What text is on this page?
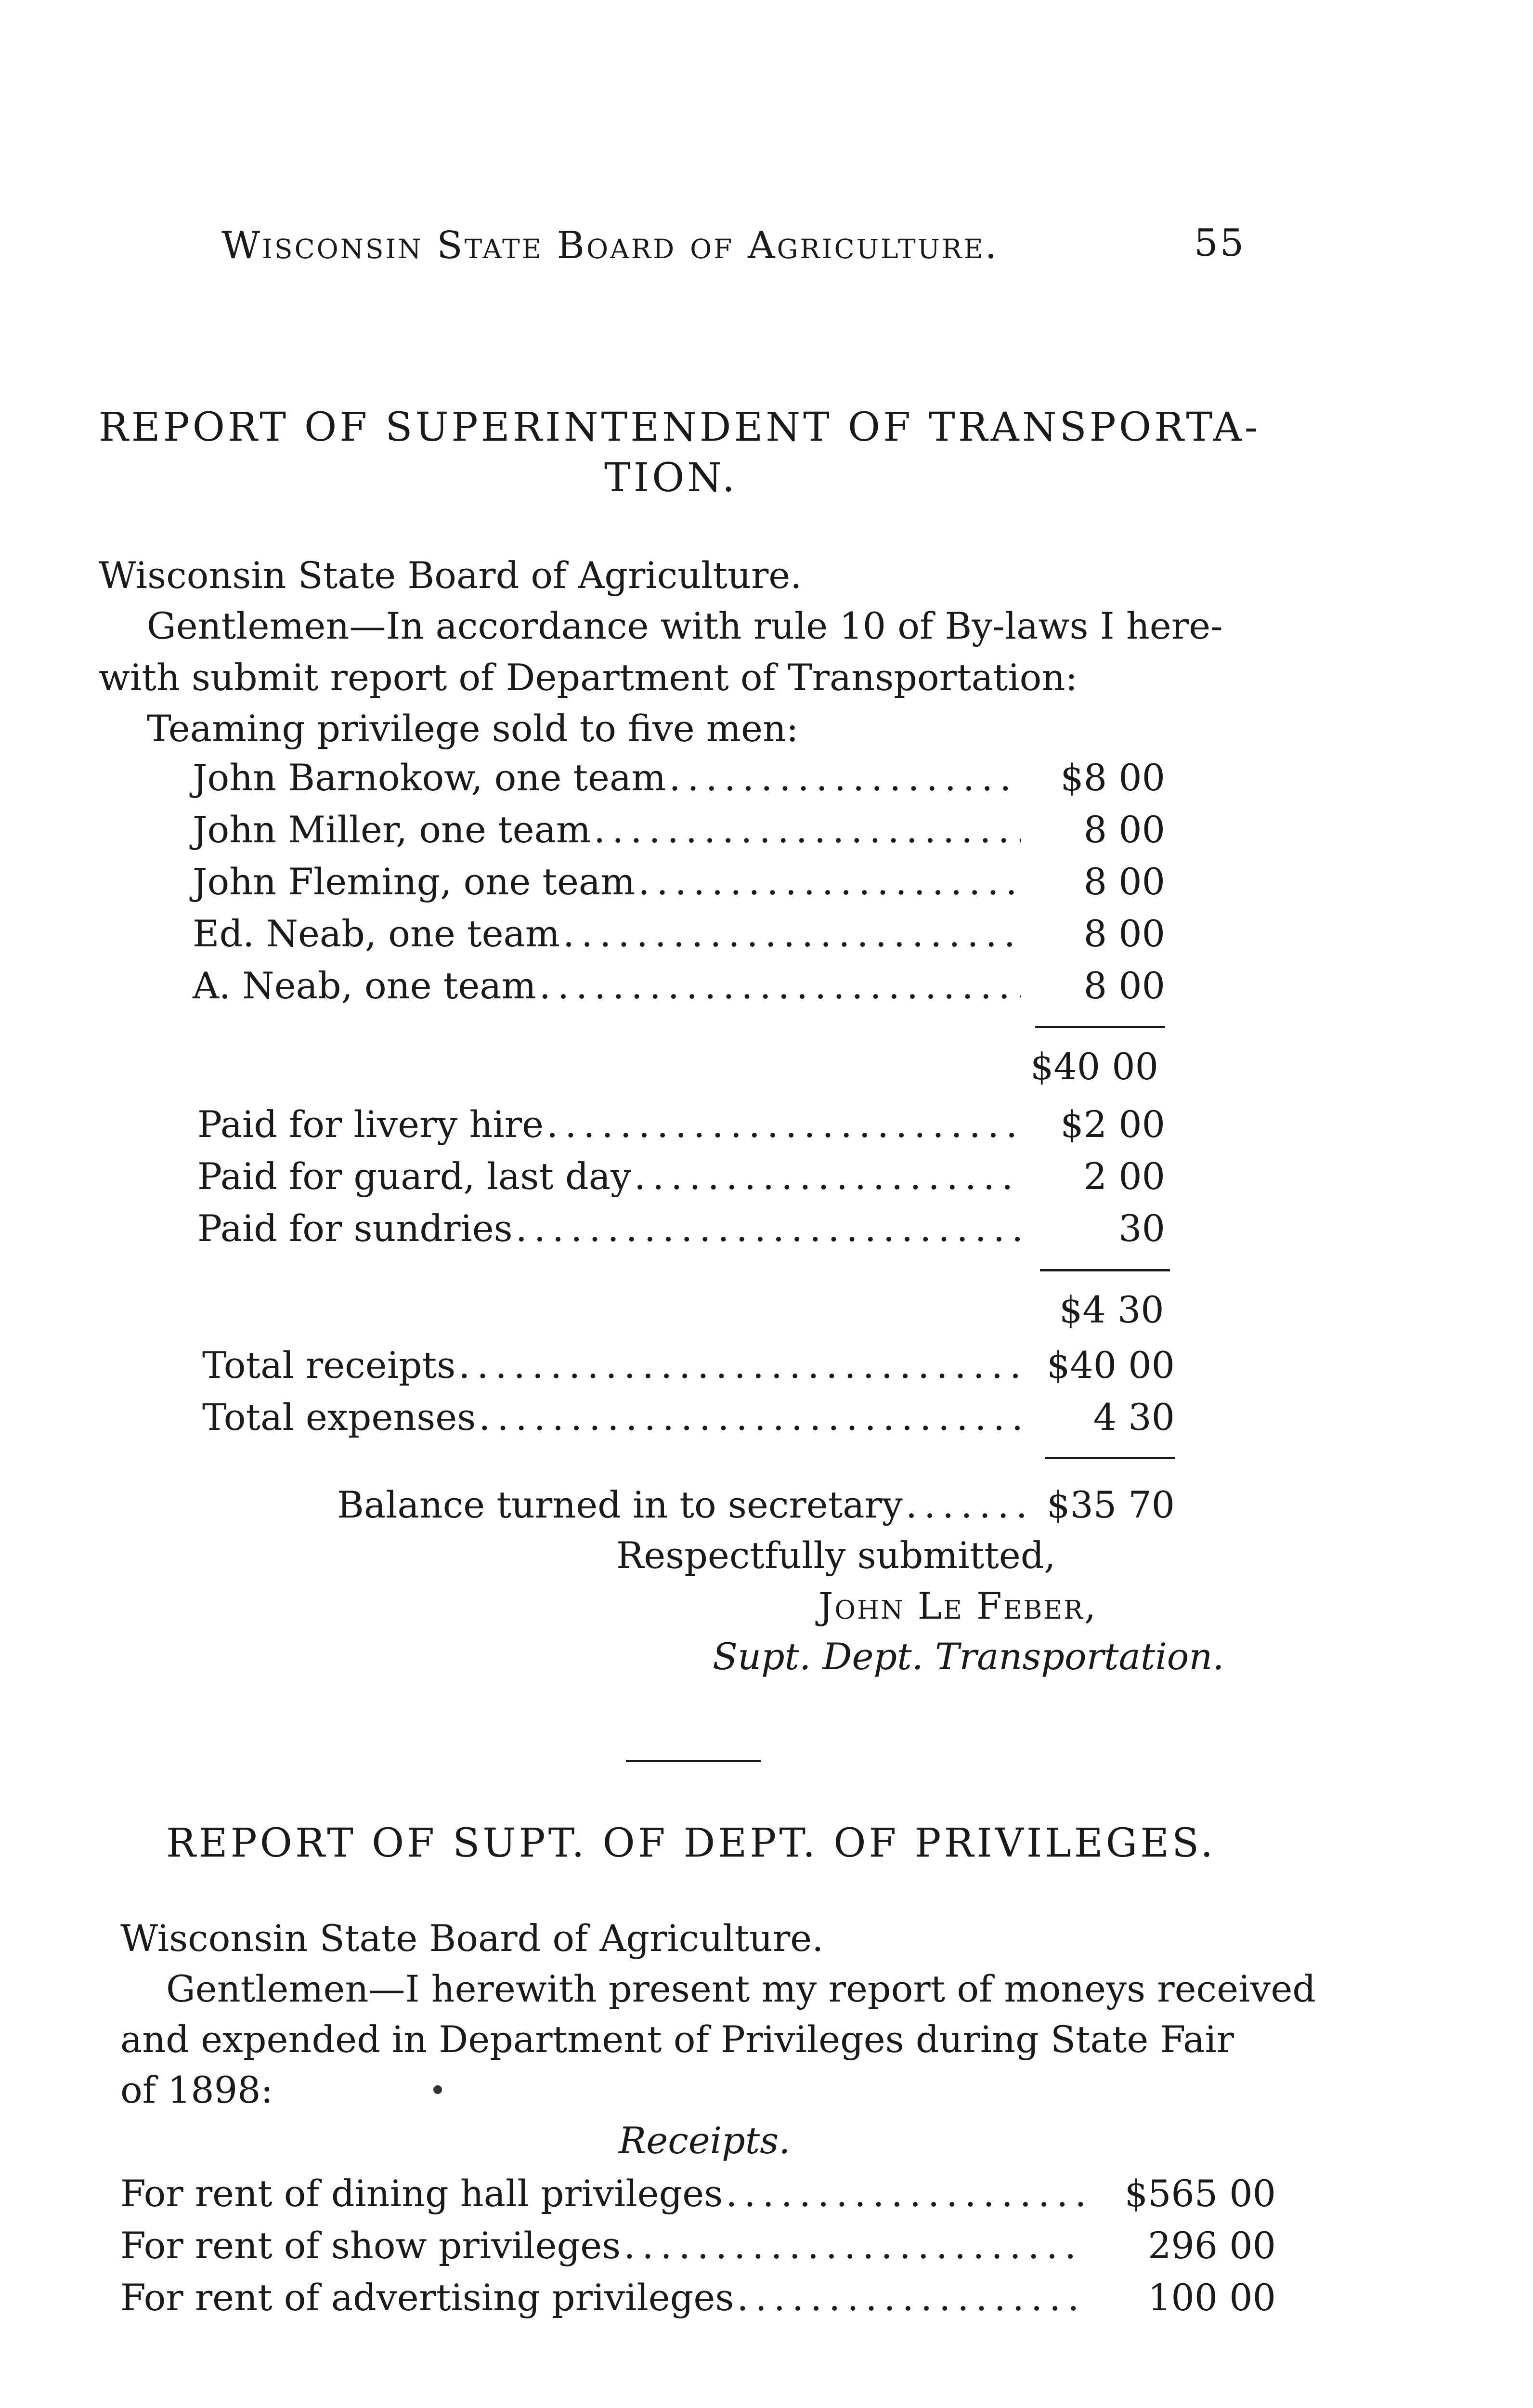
Wisconsin State Board of Agriculture.	55
REPORT OF SUPERINTENDENT OF TRANSPORTA-
TION.
Wisconsin State Board of Agriculture.
Gentlemen—In accordance with rule 10 of By-laws I here-
with submit report of Department of Transportation:
Teaming privilege sold to five men:
John Barnokow, one team .....	$8 00
John Miller, one team .....	8 00
John Fleming, one team .....	8 00
Ed. Neab, one team .....	8 00
A. Neab, one team .....	8 00
$40 00
Paid for livery hire .....	$2 00
Paid for guard, last day .....	2 00
Paid for sundries .....	30
$4 30
Total receipts .....	$40 00
Total expenses .....	4 30
Balance turned in to secretary .....	$35 70
Respectfully submitted,
John Le Feber,
Supt. Dept. Transportation.
REPORT OF SUPT. OF DEPT. OF PRIVILEGES.
Wisconsin State Board of Agriculture.
Gentlemen—I herewith present my report of moneys received
and expended in Department of Privileges during State Fair
of 1898:
Receipts.
For rent of dining hall privileges .....	$565 00
For rent of show privileges .....	296 00
For rent of advertising privileges .....	100 00
